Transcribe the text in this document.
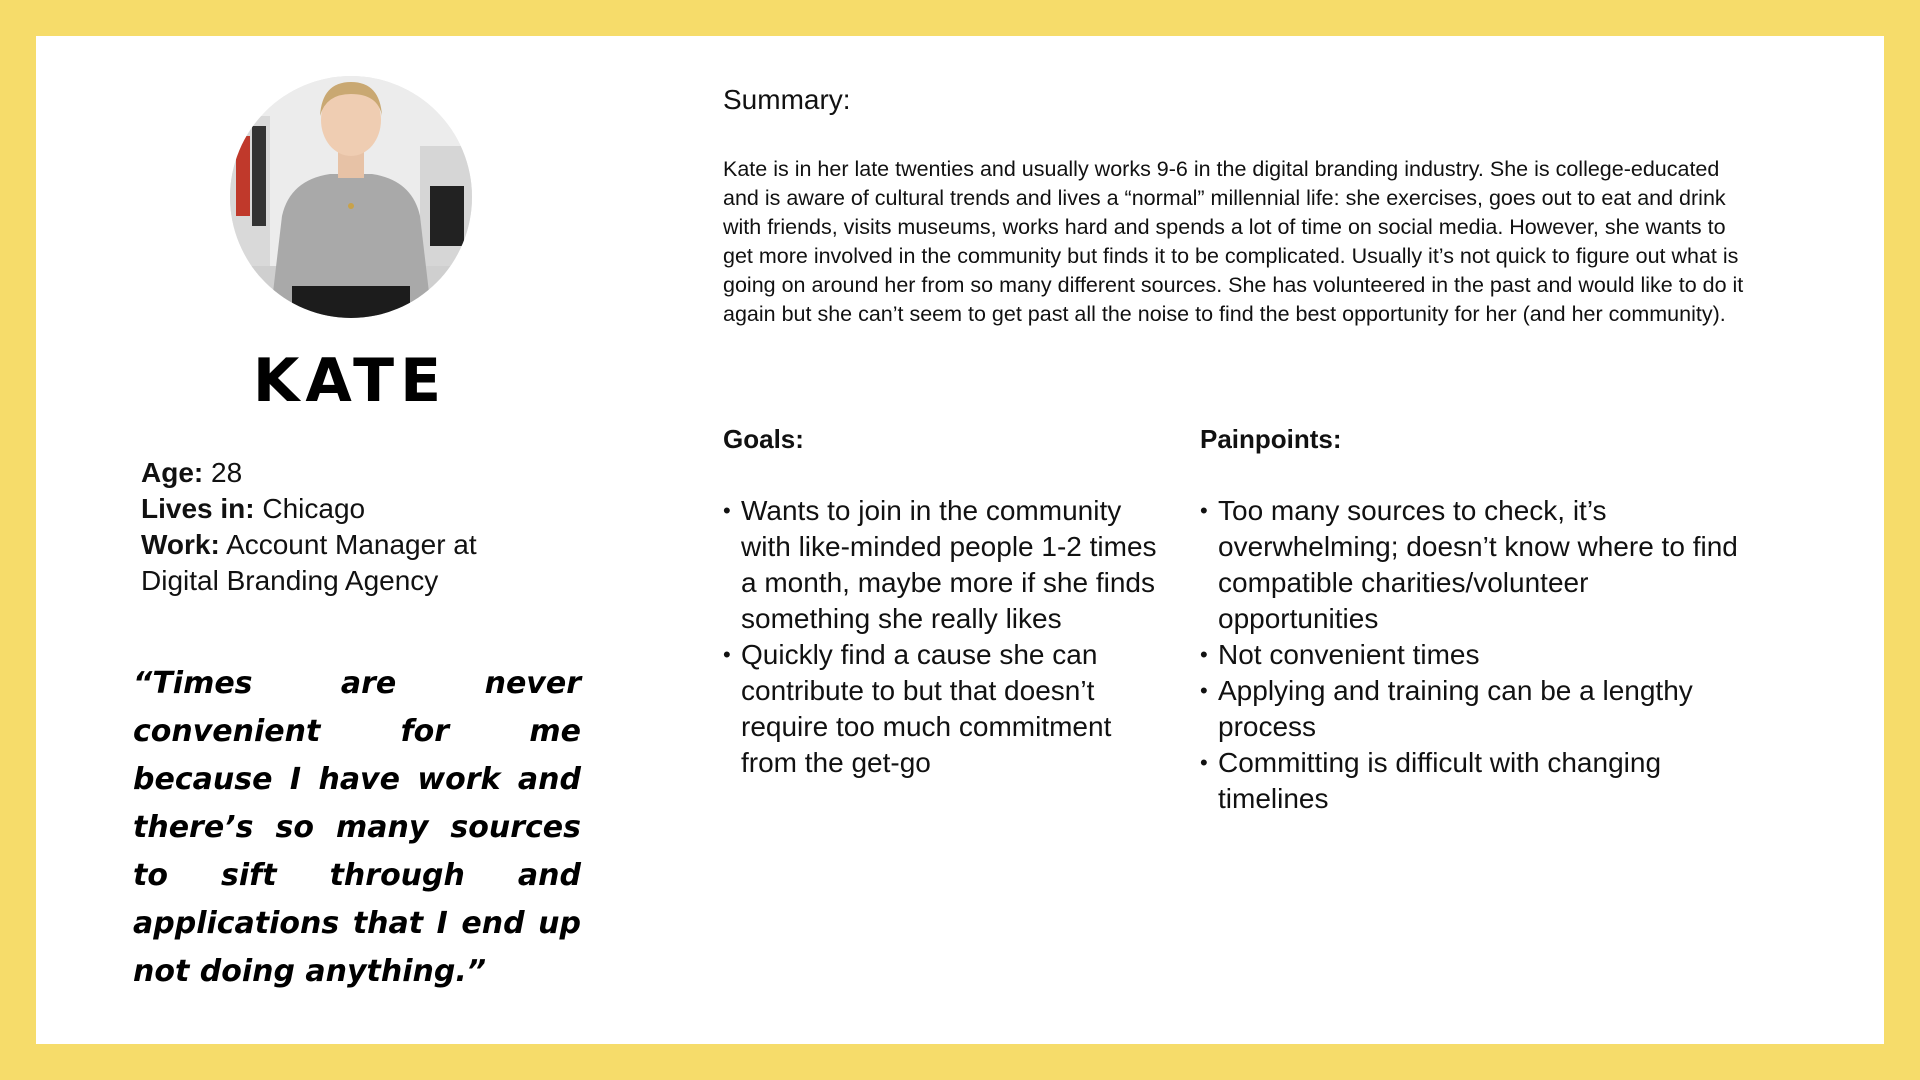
KATE
Age: 28
Lives in: Chicago
Work: Account Manager at Digital Branding Agency
“Times are never convenient for me because I have work and there’s so many sources to sift through and applications that I end up not doing anything.”
Summary:
Kate is in her late twenties and usually works 9-6 in the digital branding industry. She is college-educated and is aware of cultural trends and lives a “normal” millennial life: she exercises, goes out to eat and drink with friends, visits museums, works hard and spends a lot of time on social media. However, she wants to get more involved in the community but finds it to be complicated. Usually it’s not quick to figure out what is going on around her from so many different sources. She has volunteered in the past and would like to do it again but she can’t seem to get past all the noise to find the best opportunity for her (and her community).
Goals:
• Wants to join in the community with like-minded people 1-2 times a month, maybe more if she finds something she really likes
• Quickly find a cause she can contribute to but that doesn’t require too much commitment from the get-go
Painpoints:
• Too many sources to check, it’s overwhelming; doesn’t know where to find compatible charities/volunteer opportunities
• Not convenient times
• Applying and training can be a lengthy process
• Committing is difficult with changing timelines
